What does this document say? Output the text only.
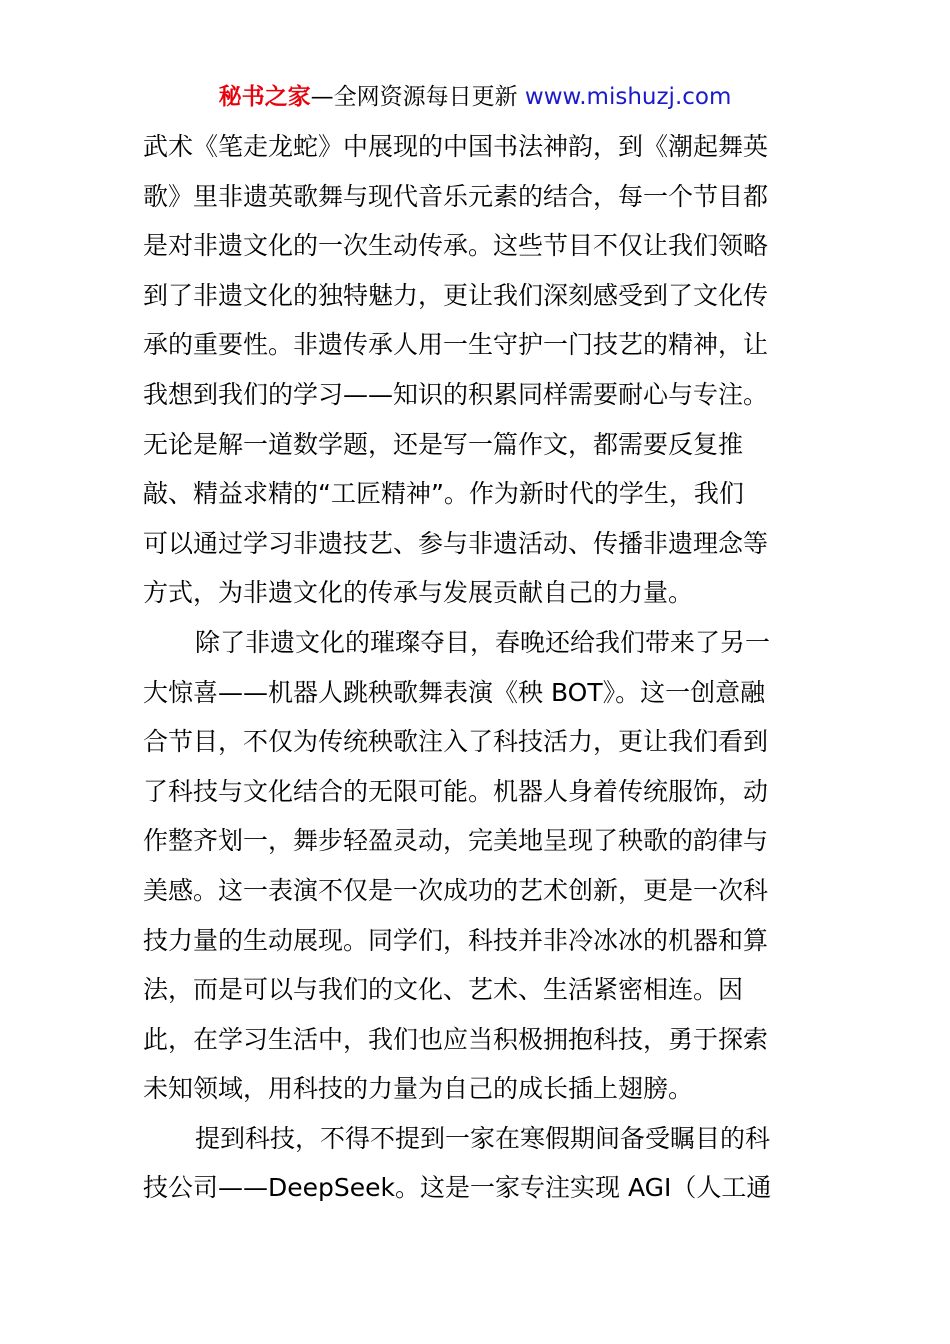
秘书之家—全网资源每日更新 www.mishuzj.com
武术《笔走龙蛇》中展现的中国书法神韵，到《潮起舞英
歌》里非遗英歌舞与现代音乐元素的结合，每一个节目都
是对非遗文化的一次生动传承。这些节目不仅让我们领略
到了非遗文化的独特魅力，更让我们深刻感受到了文化传
承的重要性。非遗传承人用一生守护一门技艺的精神，让
我想到我们的学习——知识的积累同样需要耐心与专注。
无论是解一道数学题，还是写一篇作文，都需要反复推
敲、精益求精的“工匠精神”。作为新时代的学生，我们
可以通过学习非遗技艺、参与非遗活动、传播非遗理念等
方式，为非遗文化的传承与发展贡献自己的力量。
除了非遗文化的璀璨夺目，春晚还给我们带来了另一
大惊喜——机器人跳秧歌舞表演《秧 BOT》。这一创意融
合节目，不仅为传统秧歌注入了科技活力，更让我们看到
了科技与文化结合的无限可能。机器人身着传统服饰，动
作整齐划一，舞步轻盈灵动，完美地呈现了秧歌的韵律与
美感。这一表演不仅是一次成功的艺术创新，更是一次科
技力量的生动展现。同学们，科技并非冷冰冰的机器和算
法，而是可以与我们的文化、艺术、生活紧密相连。因
此，在学习生活中，我们也应当积极拥抱科技，勇于探索
未知领域，用科技的力量为自己的成长插上翅膀。
提到科技，不得不提到一家在寒假期间备受瞩目的科
技公司——DeepSeek。这是一家专注实现 AGI（人工通
